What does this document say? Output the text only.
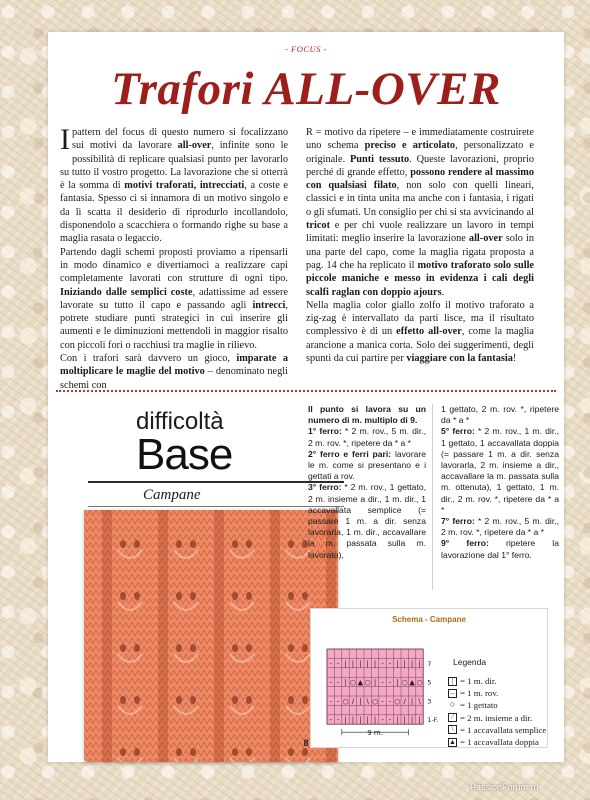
- FOCUS -
Trafori ALL-OVER

Ipattern del focus di questo numero si focalizzano sui motivi da lavorare all-over, infinite sono le possibilità di replicare qualsiasi punto per lavorarlo su tutto il vostro progetto. La lavorazione che si otterrà è la somma di motivi traforati, intrecciati, a coste e fantasia. Spesso ci si innamora di un motivo singolo e da lì scatta il desiderio di riprodurlo incollandolo, disponendolo a scacchiera o formando righe su base a maglia rasata o legaccio.

Partendo dagli schemi proposti proviamo a ripensarli in modo dinamico e divertiamoci a realizzare capi completamente lavorati con strutture di ogni tipo. Iniziando dalle semplici coste, adattissime ad essere lavorate su tutto il capo e passando agli intrecci, potrete studiare punti strategici in cui inserire gli aumenti e le diminuzioni mettendoli in maggior risalto con piccoli fori o racchiusi tra maglie in rilievo.

Con i trafori sarà davvero un gioco, imparate a moltiplicare le maglie del motivo – denominato negli schemi con

R = motivo da ripetere – e immediatamente costruirete uno schema preciso e articolato, personalizzato e originale. Punti tessuto. Queste lavorazioni, proprio perché di grande effetto, possono rendere al massimo con qualsiasi filato, non solo con quelli lineari, classici e in tinta unita ma anche con i fantasia, i rigati o gli sfumati. Un consiglio per chi si sta avvicinando al tricot e per chi vuole realizzare un lavoro in tempi limitati: meglio inserire la lavorazione all-over solo in una parte del capo, come la maglia rigata proposta a pag. 14 che ha replicato il motivo traforato solo sulle piccole maniche e messo in evidenza i cali degli scalfi raglan con doppio ajours.

Nella maglia color giallo zolfo il motivo traforato a zig-zag è intervallato da parti lisce, ma il risultato complessivo è di un effetto all-over, come la maglia arancione a manica corta. Solo dei suggerimenti, degli spunti da cui partire per viaggiare con la fantasia!

difficoltà
Base
Campane

Il punto si lavora su un numero di m. multiplo di 9.

1° ferro: * 2 m. rov., 5 m. dir., 2 m. rov. *, ripetere da * a *

2° ferro e ferri pari: lavorare le m. come si presentano e i gettati a rov.

3° ferro: * 2 m. rov., 1 gettato, 2 m. insieme a dir., 1 m. dir., 1 accavallata semplice (= passare 1 m. a dir. senza lavorarla, 1 m. dir., accavallare la m. passata sulla m. lavorata),

1 gettato, 2 m. rov. *, ripetere da * a *

5° ferro: * 2 m. rov., 1 m. dir., 1 gettato, 1 accavallata doppia (= passare 1 m. a dir. senza lavorarla, 2 m. insieme a dir., accavallare la m. passata sulla m. ottenuta), 1 gettato, 1 m. dir., 2 m. rov. *, ripetere da * a *

7° ferro: * 2 m. rov., 5 m. dir., 2 m. rov. *, ripetere da * a *

9° ferro: ripetere la lavorazione dal 1° ferro.

Schema - Campane
- - | | | | | - - | | | |
- - ○ / | \ ○ - - ○ / | \
- - | ○ ▲ ○ | - - | ○ ▲ ○
- - | | | | | - - | | | | 7
5
3
1-F.
9 m.
Legenda
| = 1 m. dir.
– = 1 m. rov.
○ = 1 gettato
⁄ = 2 m. insieme a dir.
\ = 1 accavallata semplice
▲ = 1 accavallata doppia
8
PassionForum.ru
